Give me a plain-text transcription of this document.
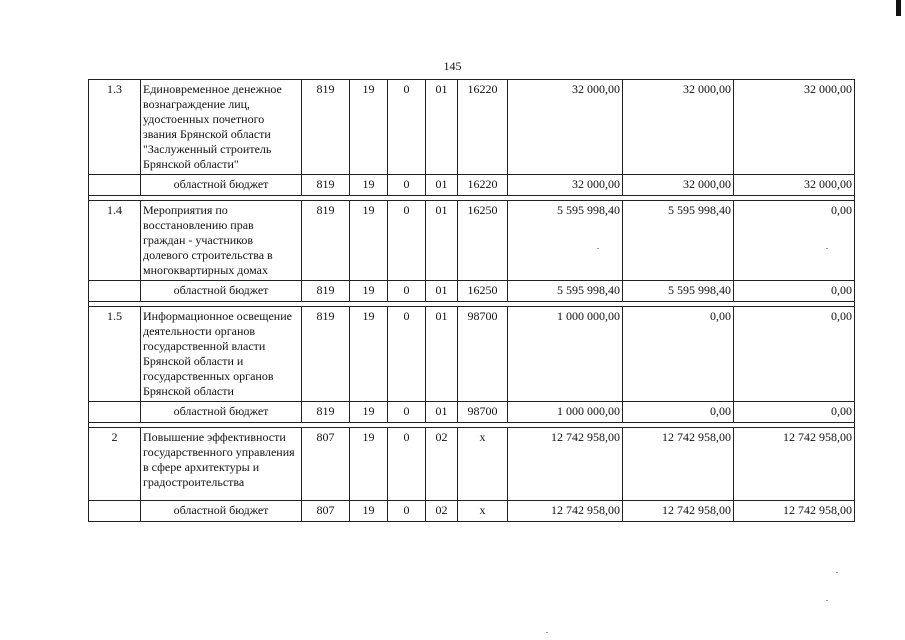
145
1.3	Единовременное денежное вознаграждение лиц, удостоенных почетного звания Брянской области "Заслуженный строитель Брянской области"	819	19	0	01	16220	32 000,00	32 000,00	32 000,00
	областной бюджет	819	19	0	01	16220	32 000,00	32 000,00	32 000,00

1.4	Мероприятия по восстановлению прав граждан - участников долевого строительства в многоквартирных домах	819	19	0	01	16250	5 595 998,40	5 595 998,40	0,00
	областной бюджет	819	19	0	01	16250	5 595 998,40	5 595 998,40	0,00

1.5	Информационное освещение деятельности органов государственной власти Брянской области и государственных органов Брянской области	819	19	0	01	98700	1 000 000,00	0,00	0,00
	областной бюджет	819	19	0	01	98700	1 000 000,00	0,00	0,00

2	Повышение эффективности государственного управления в сфере архитектуры и градостроительства	807	19	0	02	х	12 742 958,00	12 742 958,00	12 742 958,00
	областной бюджет	807	19	0	02	х	12 742 958,00	12 742 958,00	12 742 958,00
